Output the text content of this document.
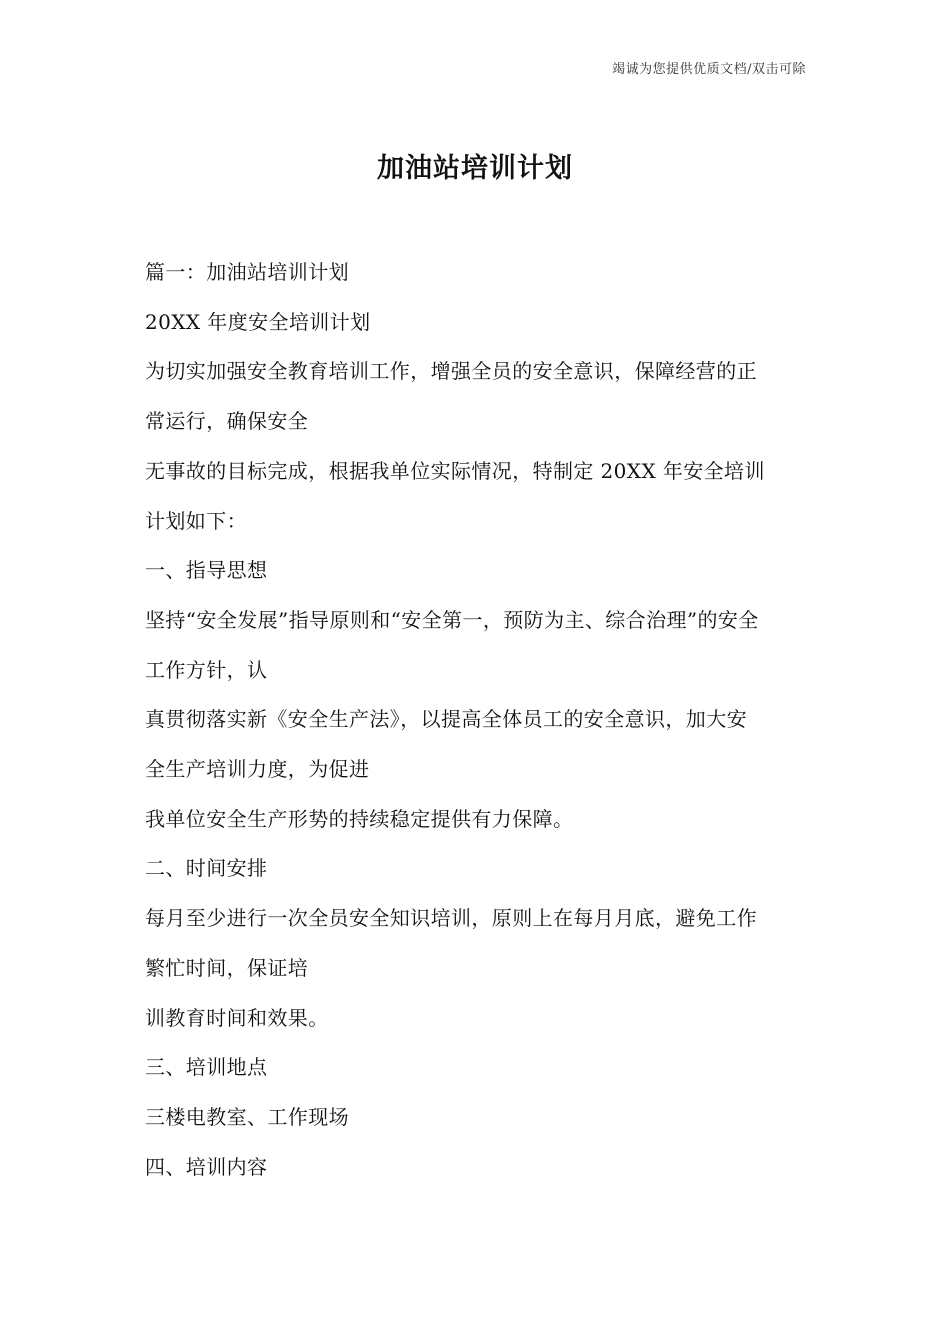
竭诚为您提供优质文档/双击可除
加油站培训计划

篇一：加油站培训计划

20XX 年度安全培训计划

为切实加强安全教育培训工作，增强全员的安全意识，保障经营的正

常运行，确保安全

无事故的目标完成，根据我单位实际情况，特制定 20XX 年安全培训

计划如下：

一、指导思想

坚持“安全发展”指导原则和“安全第一，预防为主、综合治理”的安全

工作方针，认

真贯彻落实新《安全生产法》，以提高全体员工的安全意识，加大安

全生产培训力度，为促进

我单位安全生产形势的持续稳定提供有力保障。

二、时间安排

每月至少进行一次全员安全知识培训，原则上在每月月底，避免工作

繁忙时间，保证培

训教育时间和效果。

三、培训地点

三楼电教室、工作现场

四、培训内容
